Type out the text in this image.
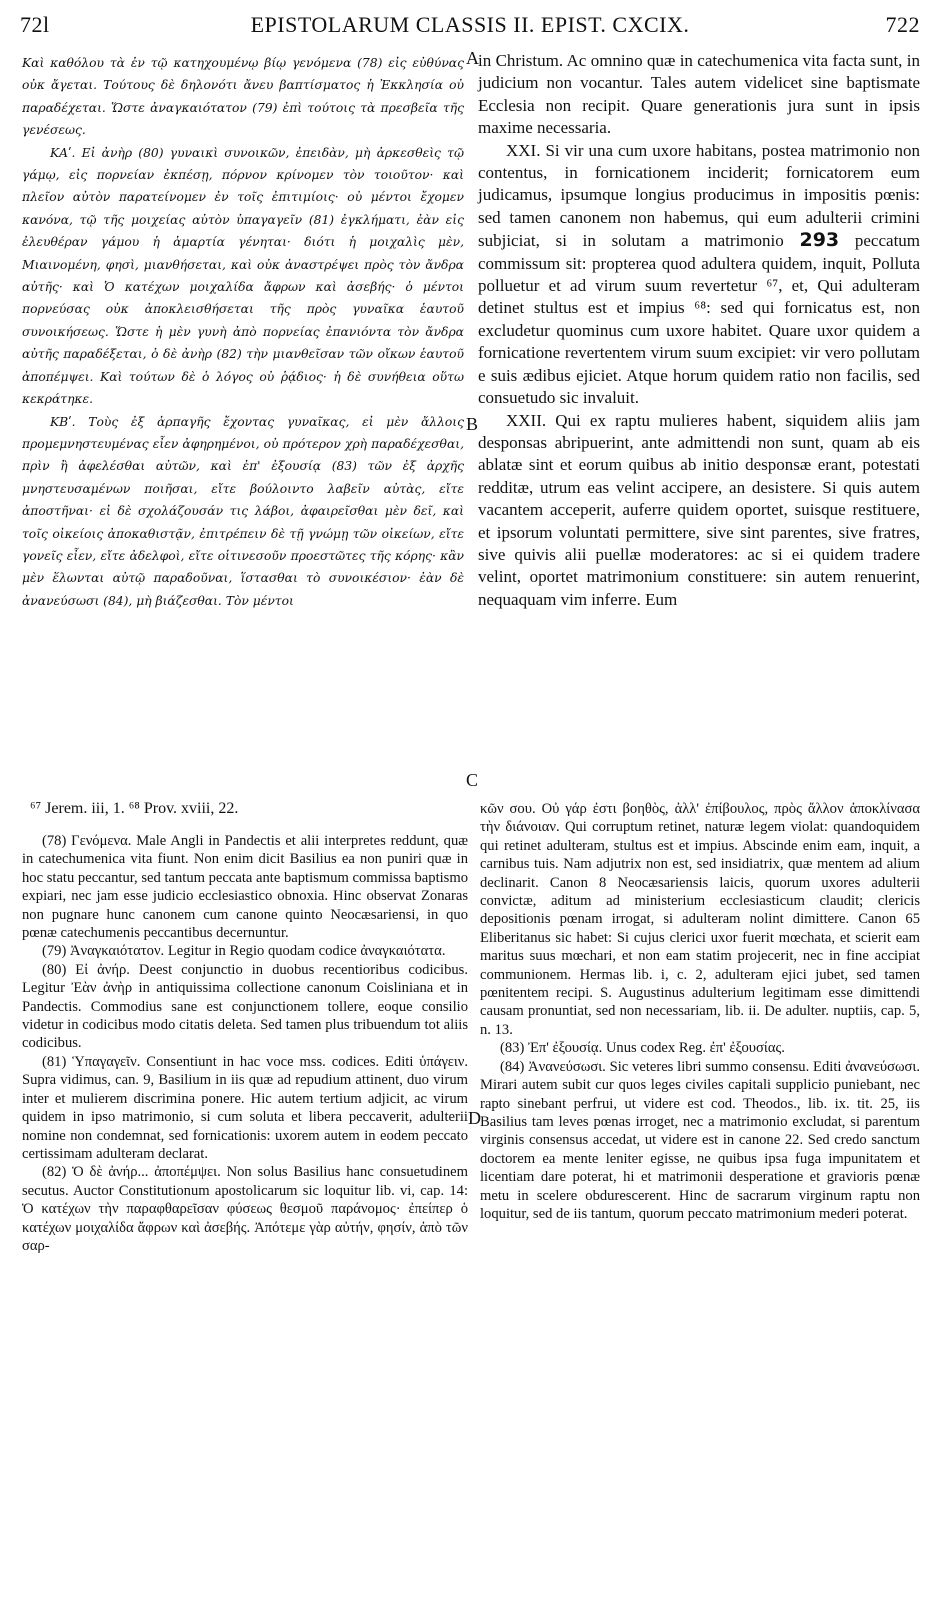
72l	EPISTOLARUM CLASSIS II. EPIST. CXCIX.	722

Καὶ καθόλου τὰ ἐν τῷ κατηχουμένῳ βίῳ γενόμενα (78) εἰς εὐθύνας οὐκ ἄγεται. Τούτους δὲ δηλονότι ἄνευ βαπτίσματος ἡ Ἐκκλησία οὐ παραδέχεται. Ὥστε ἀναγκαιότατον (79) ἐπὶ τούτοις τὰ πρεσβεῖα τῆς γενέσεως.

ΚΑʹ. Εἰ ἀνὴρ (80) γυναικὶ συνοικῶν, ἐπειδὰν, μὴ ἀρκεσθεὶς τῷ γάμῳ, εἰς πορνείαν ἐκπέσῃ, πόρνον κρίνομεν τὸν τοιοῦτον· καὶ πλεῖον αὐτὸν παρατείνομεν ἐν τοῖς ἐπιτιμίοις· οὐ μέντοι ἔχομεν κανόνα, τῷ τῆς μοιχείας αὐτὸν ὑπαγαγεῖν (81) ἐγκλήματι, ἐὰν εἰς ἐλευθέραν γάμου ἡ ἁμαρτία γένηται· διότι ἡ μοιχαλὶς μὲν, Μιαινομένη, φησὶ, μιανθήσεται, καὶ οὐκ ἀναστρέψει πρὸς τὸν ἄνδρα αὐτῆς· καὶ Ὁ κατέχων μοιχαλίδα ἄφρων καὶ ἀσεβής· ὁ μέντοι πορνεύσας οὐκ ἀποκλεισθήσεται τῆς πρὸς γυναῖκα ἑαυτοῦ συνοικήσεως. Ὥστε ἡ μὲν γυνὴ ἀπὸ πορνείας ἐπανιόντα τὸν ἄνδρα αὐτῆς παραδέξεται, ὁ δὲ ἀνὴρ (82) τὴν μιανθεῖσαν τῶν οἴκων ἑαυτοῦ ἀποπέμψει. Καὶ τούτων δὲ ὁ λόγος οὐ ῥᾴδιος· ἡ δὲ συνήθεια οὕτω κεκράτηκε.

ΚΒʹ. Τοὺς ἐξ ἁρπαγῆς ἔχοντας γυναῖκας, εἰ μὲν ἄλλοις προμεμνηστευμένας εἶεν ἀφηρημένοι, οὐ πρότερον χρὴ παραδέχεσθαι, πρὶν ἢ ἀφελέσθαι αὐτῶν, καὶ ἐπ' ἐξουσίᾳ (83) τῶν ἐξ ἀρχῆς μνηστευσαμένων ποιῆσαι, εἴτε βούλοιντο λαβεῖν αὐτὰς, εἴτε ἀποστῆναι· εἰ δὲ σχολάζουσάν τις λάβοι, ἀφαιρεῖσθαι μὲν δεῖ, καὶ τοῖς οἰκείοις ἀποκαθιστᾷν, ἐπιτρέπειν δὲ τῇ γνώμῃ τῶν οἰκείων, εἴτε γονεῖς εἶεν, εἴτε ἀδελφοὶ, εἴτε οἱτινεσοῦν προεστῶτες τῆς κόρης· κἂν μὲν ἕλωνται αὐτῷ παραδοῦναι, ἵστασθαι τὸ συνοικέσιον· ἐὰν δὲ ἀνανεύσωσι (84), μὴ βιάζεσθαι. Τὸν μέντοι

A
B
C
D

in Christum. Ac omnino quæ in catechumenica vita facta sunt, in judicium non vocantur. Tales autem videlicet sine baptismate Ecclesia non recipit. Quare generationis jura sunt in ipsis maxime necessaria.

XXI. Si vir una cum uxore habitans, postea matrimonio non contentus, in fornicationem inciderit; fornicatorem eum judicamus, ipsumque longius producimus in impositis pœnis: sed tamen canonem non habemus, qui eum adulterii crimini subjiciat, si in solutam a matrimonio 293 peccatum commissum sit: propterea quod adultera quidem, inquit, Polluta polluetur et ad virum suum revertetur ⁶⁷, et, Qui adulteram detinet stultus est et impius ⁶⁸: sed qui fornicatus est, non excludetur quominus cum uxore habitet. Quare uxor quidem a fornicatione revertentem virum suum excipiet: vir vero pollutam e suis ædibus ejiciet. Atque horum quidem ratio non facilis, sed consuetudo sic invaluit.

XXII. Qui ex raptu mulieres habent, siquidem aliis jam desponsas abripuerint, ante admittendi non sunt, quam ab eis ablatæ sint et eorum quibus ab initio desponsæ erant, potestati redditæ, utrum eas velint accipere, an desistere. Si quis autem vacantem acceperit, auferre quidem oportet, suisque restituere, et ipsorum voluntati permittere, sive sint parentes, sive fratres, sive quivis alii puellæ moderatores: ac si ei quidem tradere velint, oportet matrimonium constituere: sin autem renuerint, nequaquam vim inferre. Eum

⁶⁷ Jerem. iii, 1. ⁶⁸ Prov. xviii, 22.

(78) Γενόμενα. Male Angli in Pandectis et alii interpretes reddunt, quæ in catechumenica vita fiunt. Non enim dicit Basilius ea non puniri quæ in hoc statu peccantur, sed tantum peccata ante baptismum commissa baptismo expiari, nec jam esse judicio ecclesiastico obnoxia. Hinc observat Zonaras non pugnare hunc canonem cum canone quinto Neocæsariensi, in quo pœnæ catechumenis peccantibus decernuntur.

(79) Ἀναγκαιότατον. Legitur in Regio quodam codice ἀναγκαιότατα.

(80) Εἰ ἀνήρ. Deest conjunctio in duobus recentioribus codicibus. Legitur Ἐὰν ἀνὴρ in antiquissima collectione canonum Coisliniana et in Pandectis. Commodius sane est conjunctionem tollere, eoque consilio videtur in codicibus modo citatis deleta. Sed tamen plus tribuendum tot aliis codicibus.

(81) Ὑπαγαγεῖν. Consentiunt in hac voce mss. codices. Editi ὑπάγειν. Supra vidimus, can. 9, Basilium in iis quæ ad repudium attinent, duo virum inter et mulierem discrimina ponere. Hic autem tertium adjicit, ac virum quidem in ipso matrimonio, si cum soluta et libera peccaverit, adulterii nomine non condemnat, sed fornicationis: uxorem autem in eodem peccato certissimam adulteram declarat.

(82) Ὁ δὲ ἀνήρ... ἀποπέμψει. Non solus Basilius hanc consuetudinem secutus. Auctor Constitutionum apostolicarum sic loquitur lib. vi, cap. 14: Ὁ κατέχων τὴν παραφθαρεῖσαν φύσεως θεσμοῦ παράνομος· ἐπείπερ ὁ κατέχων μοιχαλίδα ἄφρων καὶ ἀσεβής. Ἀπότεμε γὰρ αὐτήν, φησίν, ἀπὸ τῶν σαρ-

κῶν σου. Οὐ γάρ ἐστι βοηθὸς, ἀλλ' ἐπίβουλος, πρὸς ἄλλον ἀποκλίνασα τὴν διάνοιαν. Qui corruptum retinet, naturæ legem violat: quandoquidem qui retinet adulteram, stultus est et impius. Abscinde enim eam, inquit, a carnibus tuis. Nam adjutrix non est, sed insidiatrix, quæ mentem ad alium declinarit. Canon 8 Neocæsariensis laicis, quorum uxores adulterii convictæ, aditum ad ministerium ecclesiasticum claudit; clericis depositionis pœnam irrogat, si adulteram nolint dimittere. Canon 65 Eliberitanus sic habet: Si cujus clerici uxor fuerit mœchata, et scierit eam maritus suus mœchari, et non eam statim projecerit, nec in fine accipiat communionem. Hermas lib. i, c. 2, adulteram ejici jubet, sed tamen pœnitentem recipi. S. Augustinus adulterium legitimam esse dimittendi causam pronuntiat, sed non necessariam, lib. ii. De adulter. nuptiis, cap. 5, n. 13.

(83) Ἐπ' ἐξουσίᾳ. Unus codex Reg. ἐπ' ἐξουσίας.

(84) Ἀνανεύσωσι. Sic veteres libri summo consensu. Editi ἀνανεύσωσι. Mirari autem subit cur quos leges civiles capitali supplicio puniebant, nec rapto sinebant perfrui, ut videre est cod. Theodos., lib. ix. tit. 25, iis Basilius tam leves pœnas irroget, nec a matrimonio excludat, si parentum virginis consensus accedat, ut videre est in canone 22. Sed credo sanctum doctorem ea mente leniter egisse, ne quibus ipsa fuga impunitatem et licentiam dare poterat, hi et matrimonii desperatione et gravioris pœnæ metu in scelere obdurescerent. Hinc de sacrarum virginum raptu non loquitur, sed de iis tantum, quorum peccato matrimonium mederi poterat.
